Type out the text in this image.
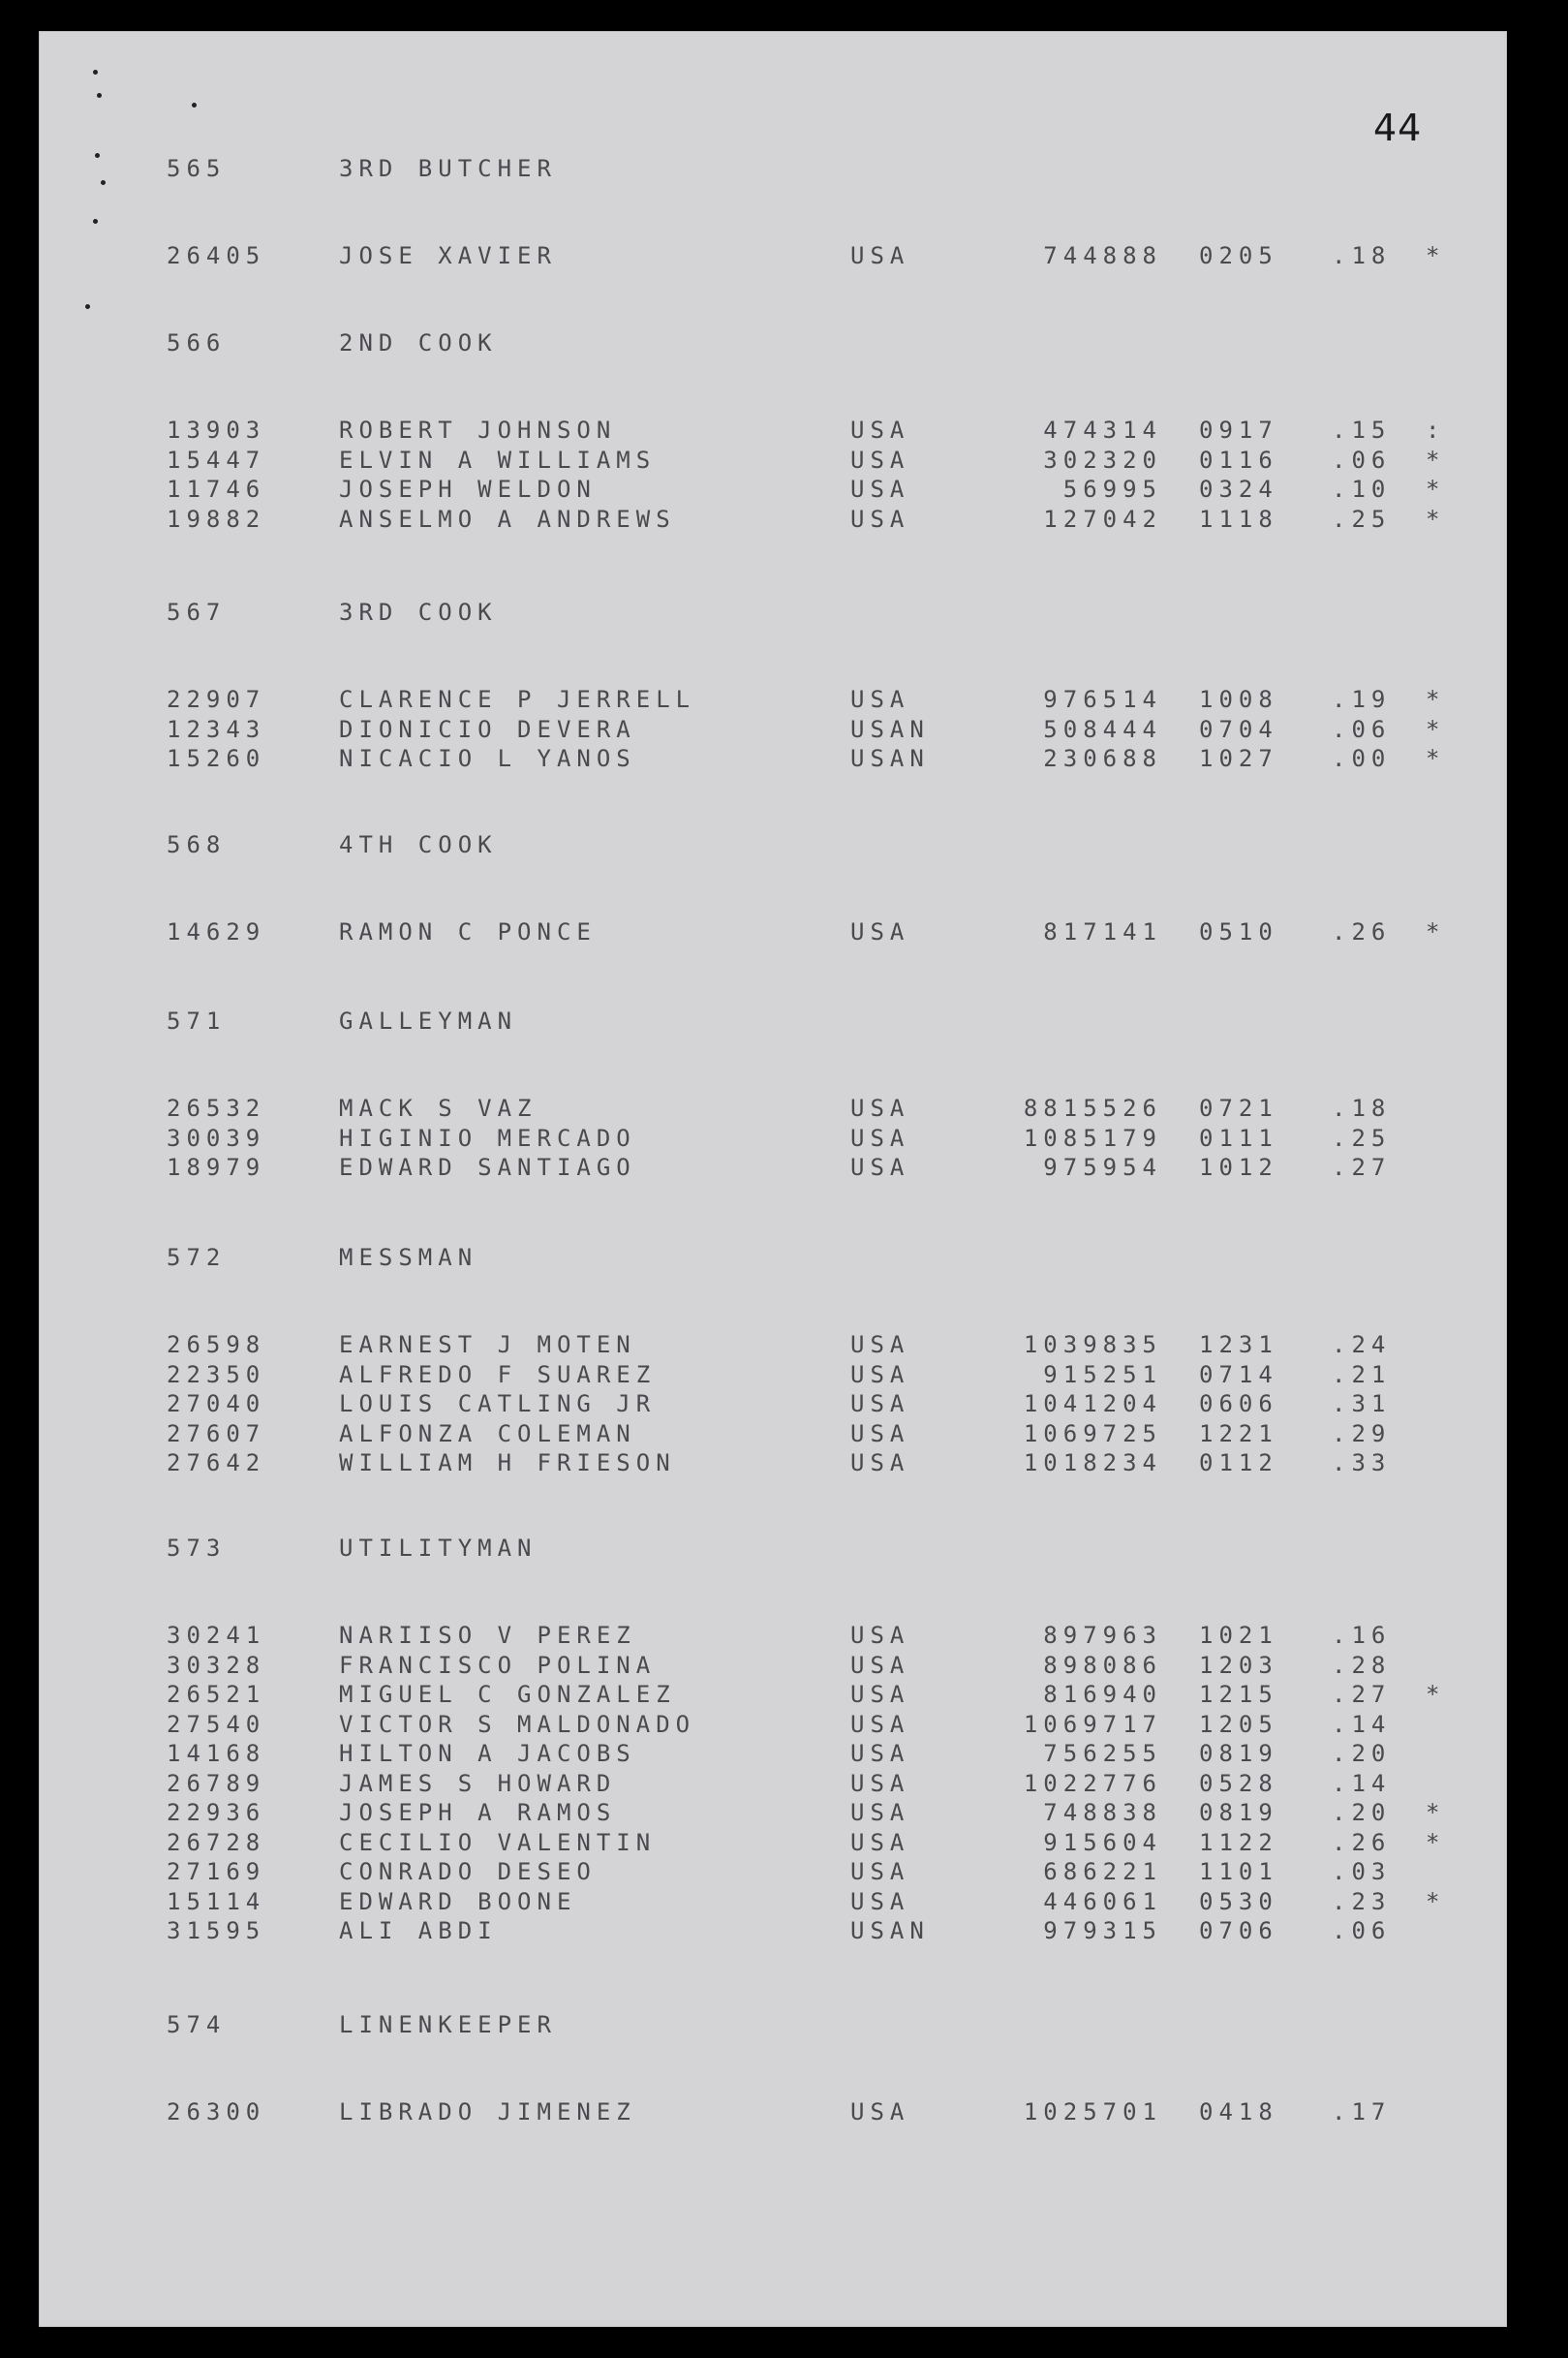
44
565	3RD BUTCHER
26405	JOSE XAVIER	USA	744888 0205 .18 *
566	2ND COOK
13903	ROBERT JOHNSON	USA	474314 0917 .15 :
15447	ELVIN A WILLIAMS	USA	302320 0116 .06 *
11746	JOSEPH WELDON	USA	56995 0324 .10 *
19882	ANSELMO A ANDREWS	USA	127042 1118 .25 *
567	3RD COOK
22907	CLARENCE P JERRELL	USA	976514 1008 .19 *
12343	DIONICIO DEVERA	USAN	508444 0704 .06 *
15260	NICACIO L YANOS	USAN	230688 1027 .00 *
568	4TH COOK
14629	RAMON C PONCE	USA	817141 0510 .26 *
571	GALLEYMAN
26532	MACK S VAZ	USA	8815526 0721 .18
30039	HIGINIO MERCADO	USA	1085179 0111 .25
18979	EDWARD SANTIAGO	USA	975954 1012 .27
572	MESSMAN
26598	EARNEST J MOTEN	USA	1039835 1231 .24
22350	ALFREDO F SUAREZ	USA	915251 0714 .21
27040	LOUIS CATLING JR	USA	1041204 0606 .31
27607	ALFONZA COLEMAN	USA	1069725 1221 .29
27642	WILLIAM H FRIESON	USA	1018234 0112 .33
573	UTILITYMAN
30241	NARIISO V PEREZ	USA	897963 1021 .16
30328	FRANCISCO POLINA	USA	898086 1203 .28
26521	MIGUEL C GONZALEZ	USA	816940 1215 .27 *
27540	VICTOR S MALDONADO	USA	1069717 1205 .14
14168	HILTON A JACOBS	USA	756255 0819 .20
26789	JAMES S HOWARD	USA	1022776 0528 .14
22936	JOSEPH A RAMOS	USA	748838 0819 .20 *
26728	CECILIO VALENTIN	USA	915604 1122 .26 *
27169	CONRADO DESEO	USA	686221 1101 .03
15114	EDWARD BOONE	USA	446061 0530 .23 *
31595	ALI ABDI	USAN	979315 0706 .06
574	LINENKEEPER
26300	LIBRADO JIMENEZ	USA	1025701 0418 .17
